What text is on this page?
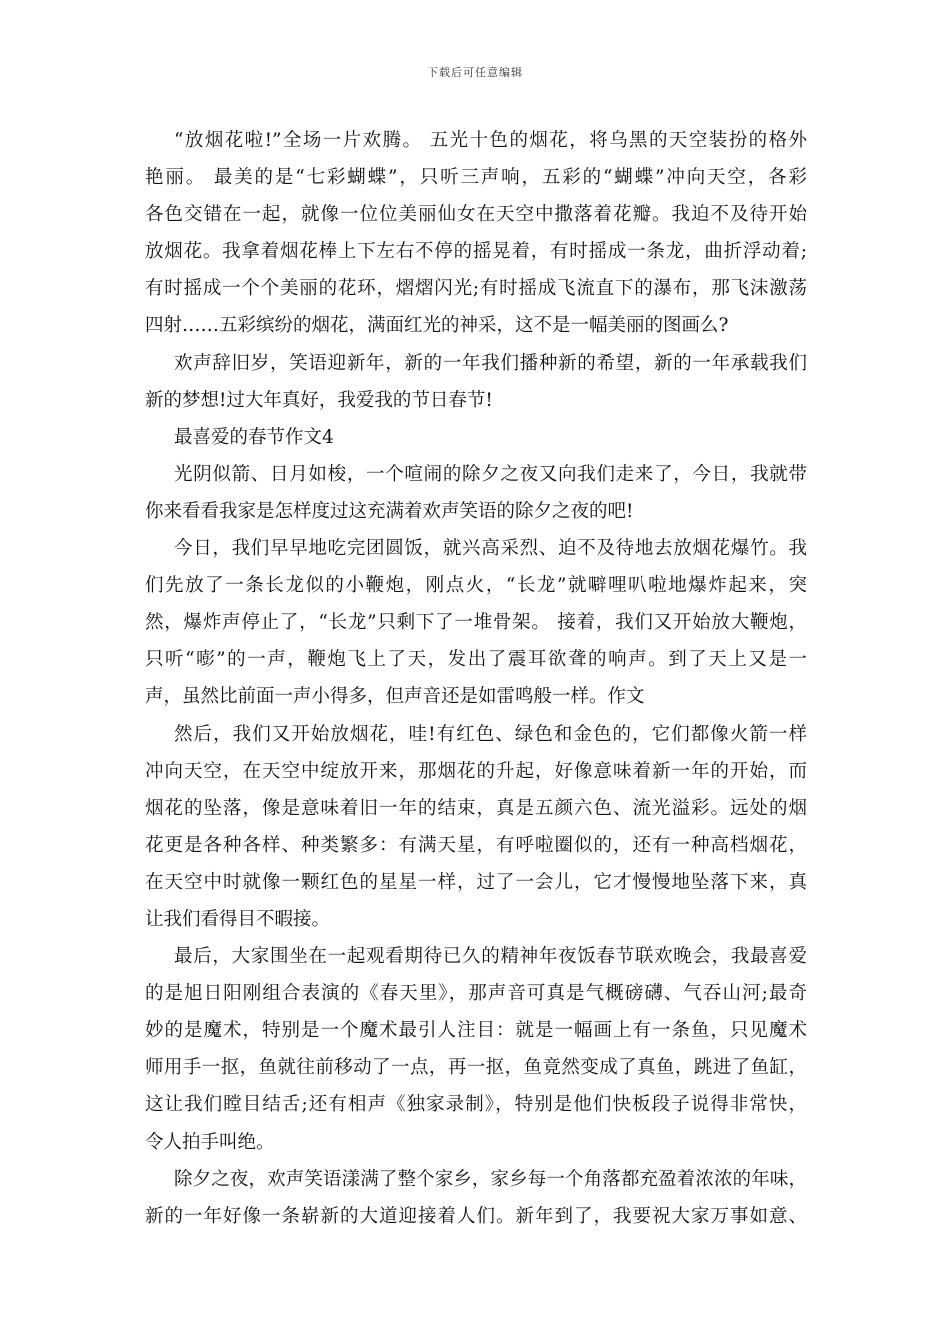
下载后可任意编辑
“放烟花啦!”全场一片欢腾。 五光十色的烟花，将乌黑的天空装扮的格外
艳丽。 最美的是“七彩蝴蝶”，只听三声响，五彩的“蝴蝶”冲向天空，各彩
各色交错在一起，就像一位位美丽仙女在天空中撒落着花瓣。我迫不及待开始
放烟花。我拿着烟花棒上下左右不停的摇晃着，有时摇成一条龙，曲折浮动着;
有时摇成一个个美丽的花环，熠熠闪光;有时摇成飞流直下的瀑布，那飞沫激荡
四射……五彩缤纷的烟花，满面红光的神采，这不是一幅美丽的图画么?
欢声辞旧岁，笑语迎新年，新的一年我们播种新的希望，新的一年承载我们
新的梦想!过大年真好，我爱我的节日春节!
最喜爱的春节作文4
光阴似箭、日月如梭，一个喧闹的除夕之夜又向我们走来了，今日，我就带
你来看看我家是怎样度过这充满着欢声笑语的除夕之夜的吧!
今日，我们早早地吃完团圆饭，就兴高采烈、迫不及待地去放烟花爆竹。我
们先放了一条长龙似的小鞭炮，刚点火，“长龙”就噼哩叭啦地爆炸起来，突
然，爆炸声停止了，“长龙”只剩下了一堆骨架。 接着，我们又开始放大鞭炮，
只听“嘭”的一声，鞭炮飞上了天，发出了震耳欲聋的响声。到了天上又是一
声，虽然比前面一声小得多，但声音还是如雷鸣般一样。作文
然后，我们又开始放烟花，哇!有红色、绿色和金色的，它们都像火箭一样
冲向天空，在天空中绽放开来，那烟花的升起，好像意味着新一年的开始，而
烟花的坠落，像是意味着旧一年的结束，真是五颜六色、流光溢彩。远处的烟
花更是各种各样、种类繁多：有满天星，有呼啦圈似的，还有一种高档烟花，
在天空中时就像一颗红色的星星一样，过了一会儿，它才慢慢地坠落下来，真
让我们看得目不暇接。
最后，大家围坐在一起观看期待已久的精神年夜饭春节联欢晚会，我最喜爱
的是旭日阳刚组合表演的《春天里》，那声音可真是气概磅礴、气吞山河;最奇
妙的是魔术，特别是一个魔术最引人注目：就是一幅画上有一条鱼，只见魔术
师用手一抠，鱼就往前移动了一点，再一抠，鱼竟然变成了真鱼，跳进了鱼缸，
这让我们瞠目结舌;还有相声《独家录制》，特别是他们快板段子说得非常快，
令人拍手叫绝。
除夕之夜，欢声笑语漾满了整个家乡，家乡每一个角落都充盈着浓浓的年味，
新的一年好像一条崭新的大道迎接着人们。新年到了，我要祝大家万事如意、
